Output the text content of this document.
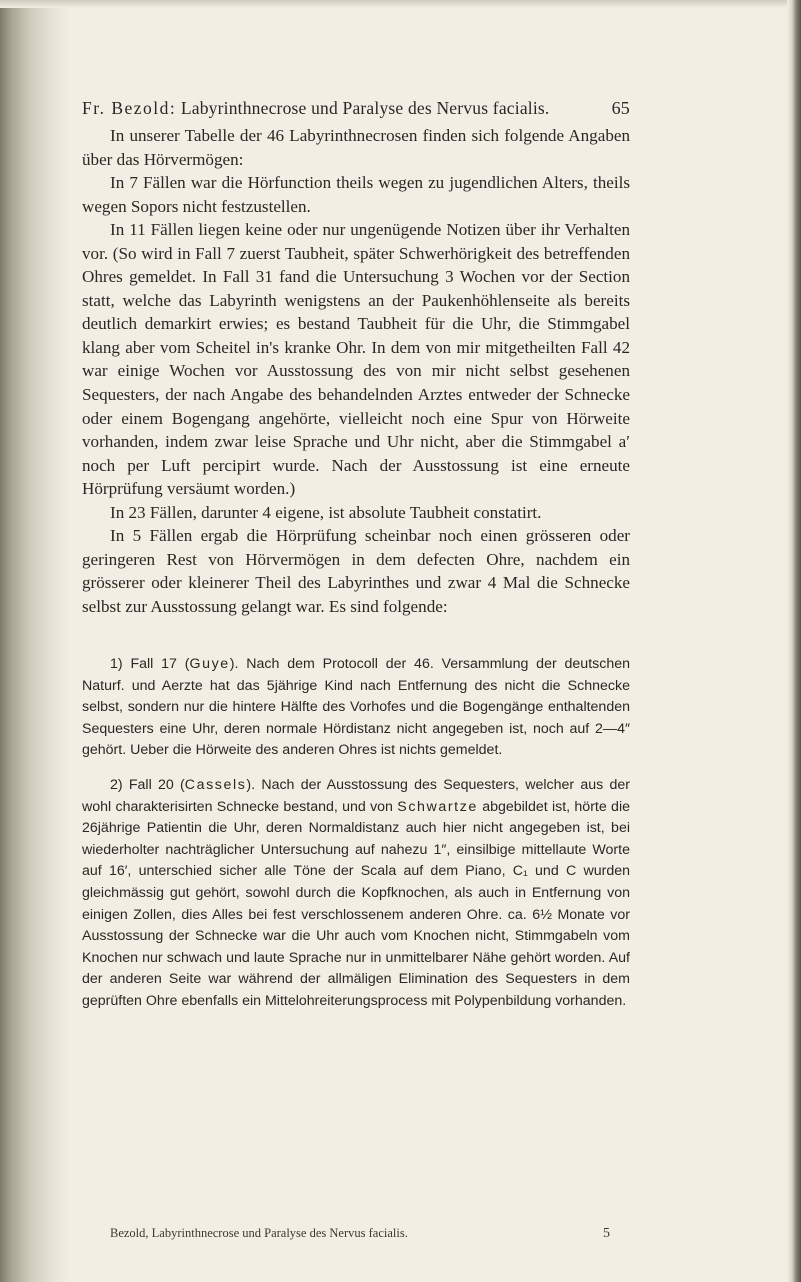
Fr. Bezold: Labyrinthnecrose und Paralyse des Nervus facialis.	65

In unserer Tabelle der 46 Labyrinthnecrosen finden sich folgende Angaben über das Hörvermögen:

In 7 Fällen war die Hörfunction theils wegen zu jugendlichen Alters, theils wegen Sopors nicht festzustellen.

In 11 Fällen liegen keine oder nur ungenügende Notizen über ihr Verhalten vor. (So wird in Fall 7 zuerst Taubheit, später Schwerhörigkeit des betreffenden Ohres gemeldet. In Fall 31 fand die Untersuchung 3 Wochen vor der Section statt, welche das Labyrinth wenigstens an der Paukenhöhlenseite als bereits deutlich demarkirt erwies; es bestand Taubheit für die Uhr, die Stimmgabel klang aber vom Scheitel in's kranke Ohr. In dem von mir mitgetheilten Fall 42 war einige Wochen vor Ausstossung des von mir nicht selbst gesehenen Sequesters, der nach Angabe des behandelnden Arztes entweder der Schnecke oder einem Bogengang angehörte, vielleicht noch eine Spur von Hörweite vorhanden, indem zwar leise Sprache und Uhr nicht, aber die Stimmgabel a′ noch per Luft percipirt wurde. Nach der Ausstossung ist eine erneute Hörprüfung versäumt worden.)

In 23 Fällen, darunter 4 eigene, ist absolute Taubheit constatirt.

In 5 Fällen ergab die Hörprüfung scheinbar noch einen grösseren oder geringeren Rest von Hörvermögen in dem defecten Ohre, nachdem ein grösserer oder kleinerer Theil des Labyrinthes und zwar 4 Mal die Schnecke selbst zur Ausstossung gelangt war. Es sind folgende:

1) Fall 17 (Guye). Nach dem Protocoll der 46. Versammlung der deutschen Naturf. und Aerzte hat das 5jährige Kind nach Entfernung des nicht die Schnecke selbst, sondern nur die hintere Hälfte des Vorhofes und die Bogengänge enthaltenden Sequesters eine Uhr, deren normale Hördistanz nicht angegeben ist, noch auf 2—4″ gehört. Ueber die Hörweite des anderen Ohres ist nichts gemeldet.

2) Fall 20 (Cassels). Nach der Ausstossung des Sequesters, welcher aus der wohl charakterisirten Schnecke bestand, und von Schwartze abgebildet ist, hörte die 26jährige Patientin die Uhr, deren Normaldistanz auch hier nicht angegeben ist, bei wiederholter nachträglicher Untersuchung auf nahezu 1″, einsilbige mittellaute Worte auf 16′, unterschied sicher alle Töne der Scala auf dem Piano, C₁ und C wurden gleichmässig gut gehört, sowohl durch die Kopfknochen, als auch in Entfernung von einigen Zollen, dies Alles bei fest verschlossenem anderen Ohre. ca. 6½ Monate vor Ausstossung der Schnecke war die Uhr auch vom Knochen nicht, Stimmgabeln vom Knochen nur schwach und laute Sprache nur in unmittelbarer Nähe gehört worden. Auf der anderen Seite war während der allmäligen Elimination des Sequesters in dem geprüften Ohre ebenfalls ein Mittelohreiterungsprocess mit Polypenbildung vorhanden.

Bezold, Labyrinthnecrose und Paralyse des Nervus facialis.	5
